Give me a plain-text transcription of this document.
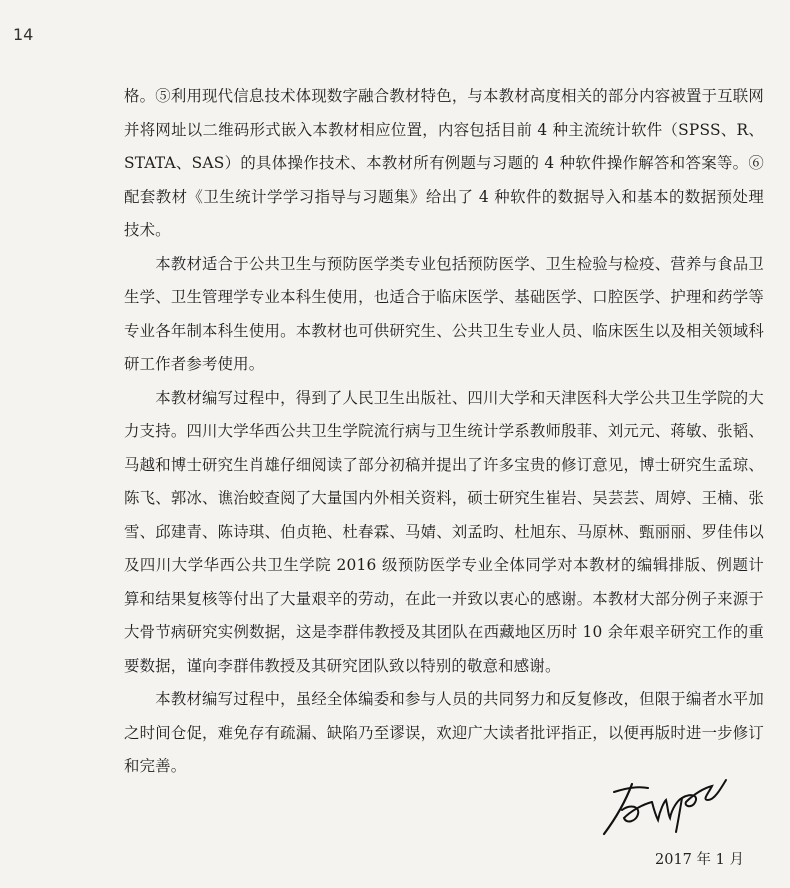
14

格。⑤利用现代信息技术体现数字融合教材特色，与本教材高度相关的部分内容被置于互联网并将网址以二维码形式嵌入本教材相应位置，内容包括目前 4 种主流统计软件（SPSS、R、STATA、SAS）的具体操作技术、本教材所有例题与习题的 4 种软件操作解答和答案等。⑥配套教材《卫生统计学学习指导与习题集》给出了 4 种软件的数据导入和基本的数据预处理技术。

　　本教材适合于公共卫生与预防医学类专业包括预防医学、卫生检验与检疫、营养与食品卫生学、卫生管理学专业本科生使用，也适合于临床医学、基础医学、口腔医学、护理和药学等专业各年制本科生使用。本教材也可供研究生、公共卫生专业人员、临床医生以及相关领域科研工作者参考使用。

　　本教材编写过程中，得到了人民卫生出版社、四川大学和天津医科大学公共卫生学院的大力支持。四川大学华西公共卫生学院流行病与卫生统计学系教师殷菲、刘元元、蒋敏、张韬、马越和博士研究生肖雄仔细阅读了部分初稿并提出了许多宝贵的修订意见，博士研究生孟琼、陈飞、郭冰、谯治蛟查阅了大量国内外相关资料，硕士研究生崔岩、吴芸芸、周婷、王楠、张雪、邱建青、陈诗琪、伯贞艳、杜春霖、马婧、刘孟昀、杜旭东、马原林、甄丽丽、罗佳伟以及四川大学华西公共卫生学院 2016 级预防医学专业全体同学对本教材的编辑排版、例题计算和结果复核等付出了大量艰辛的劳动，在此一并致以衷心的感谢。本教材大部分例子来源于大骨节病研究实例数据，这是李群伟教授及其团队在西藏地区历时 10 余年艰辛研究工作的重要数据，谨向李群伟教授及其研究团队致以特别的敬意和感谢。

　　本教材编写过程中，虽经全体编委和参与人员的共同努力和反复修改，但限于编者水平加之时间仓促，难免存有疏漏、缺陷乃至谬误，欢迎广大读者批评指正，以便再版时进一步修订和完善。

2017 年 1 月
